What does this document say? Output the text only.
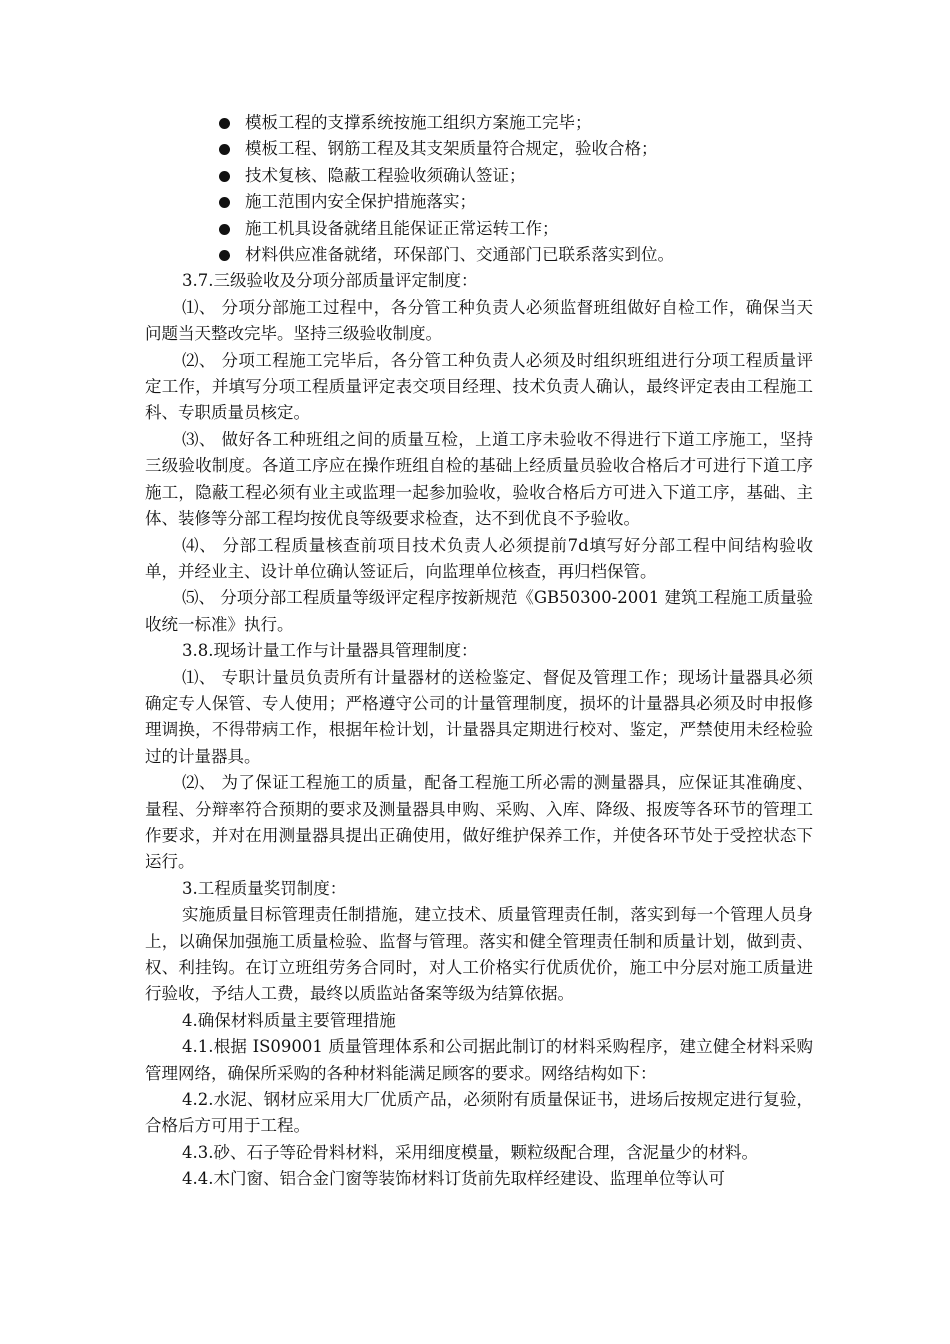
模板工程的支撑系统按施工组织方案施工完毕；
模板工程、钢筋工程及其支架质量符合规定，验收合格；
技术复核、隐蔽工程验收须确认签证；
施工范围内安全保护措施落实；
施工机具设备就绪且能保证正常运转工作；
材料供应准备就绪，环保部门、交通部门已联系落实到位。

3.7.三级验收及分项分部质量评定制度：

⑴、 分项分部施工过程中，各分管工种负责人必须监督班组做好自检工作，确保当天问题当天整改完毕。坚持三级验收制度。

⑵、 分项工程施工完毕后，各分管工种负责人必须及时组织班组进行分项工程质量评定工作，并填写分项工程质量评定表交项目经理、技术负责人确认，最终评定表由工程施工科、专职质量员核定。

⑶、 做好各工种班组之间的质量互检，上道工序未验收不得进行下道工序施工，坚持三级验收制度。各道工序应在操作班组自检的基础上经质量员验收合格后才可进行下道工序施工，隐蔽工程必须有业主或监理一起参加验收，验收合格后方可进入下道工序，基础、主体、装修等分部工程均按优良等级要求检查，达不到优良不予验收。

⑷、 分部工程质量核查前项目技术负责人必须提前7d填写好分部工程中间结构验收单，并经业主、设计单位确认签证后，向监理单位核查，再归档保管。

⑸、 分项分部工程质量等级评定程序按新规范《GB50300-2001 建筑工程施工质量验收统一标准》执行。

3.8.现场计量工作与计量器具管理制度：

⑴、 专职计量员负责所有计量器材的送检鉴定、督促及管理工作；现场计量器具必须确定专人保管、专人使用；严格遵守公司的计量管理制度，损坏的计量器具必须及时申报修理调换，不得带病工作，根据年检计划，计量器具定期进行校对、鉴定，严禁使用未经检验过的计量器具。

⑵、 为了保证工程施工的质量，配备工程施工所必需的测量器具，应保证其准确度、量程、分辩率符合预期的要求及测量器具申购、采购、入库、降级、报废等各环节的管理工作要求，并对在用测量器具提出正确使用，做好维护保养工作，并使各环节处于受控状态下运行。

3.工程质量奖罚制度：

实施质量目标管理责任制措施，建立技术、质量管理责任制，落实到每一个管理人员身上，以确保加强施工质量检验、监督与管理。落实和健全管理责任制和质量计划，做到责、权、利挂钩。在订立班组劳务合同时，对人工价格实行优质优价，施工中分层对施工质量进行验收，予结人工费，最终以质监站备案等级为结算依据。

4.确保材料质量主要管理措施

4.1.根据 IS09001 质量管理体系和公司据此制订的材料采购程序，建立健全材料采购管理网络，确保所采购的各种材料能满足顾客的要求。网络结构如下：

4.2.水泥、钢材应采用大厂优质产品，必须附有质量保证书，进场后按规定进行复验，合格后方可用于工程。

4.3.砂、石子等砼骨料材料，采用细度模量，颗粒级配合理，含泥量少的材料。

4.4.木门窗、铝合金门窗等装饰材料订货前先取样经建设、监理单位等认可
